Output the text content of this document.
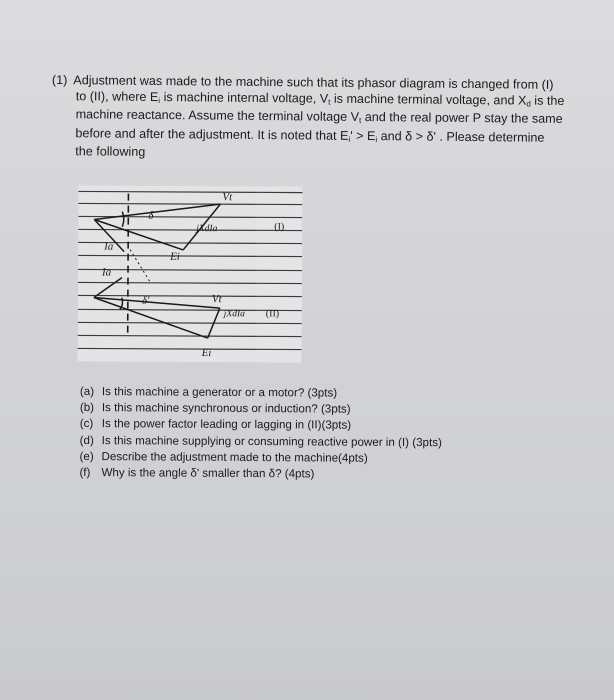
(1) Adjustment was made to the machine such that its phasor diagram is changed from (I)

to (II), where $E_i$ is machine internal voltage, $V_t$ is machine terminal voltage, and $X_d$ is the

machine reactance. Assume the terminal voltage $V_t$ and the real power P stay the same

before and after the adjustment. It is noted that $E_i' > E_i$ and δ > δ' . Please determine

the following

Vt
δ
jXdIa	(I)
Ia
Ei
Ia
δ'	Vt
jXdIa (II)
Ei
(a) Is this machine a generator or a motor? (3pts)
(b) Is this machine synchronous or induction? (3pts)
(c) Is the power factor leading or lagging in (II)(3pts)
(d) Is this machine supplying or consuming reactive power in (I) (3pts)
(e) Describe the adjustment made to the machine(4pts)
(f) Why is the angle δ' smaller than δ? (4pts)
